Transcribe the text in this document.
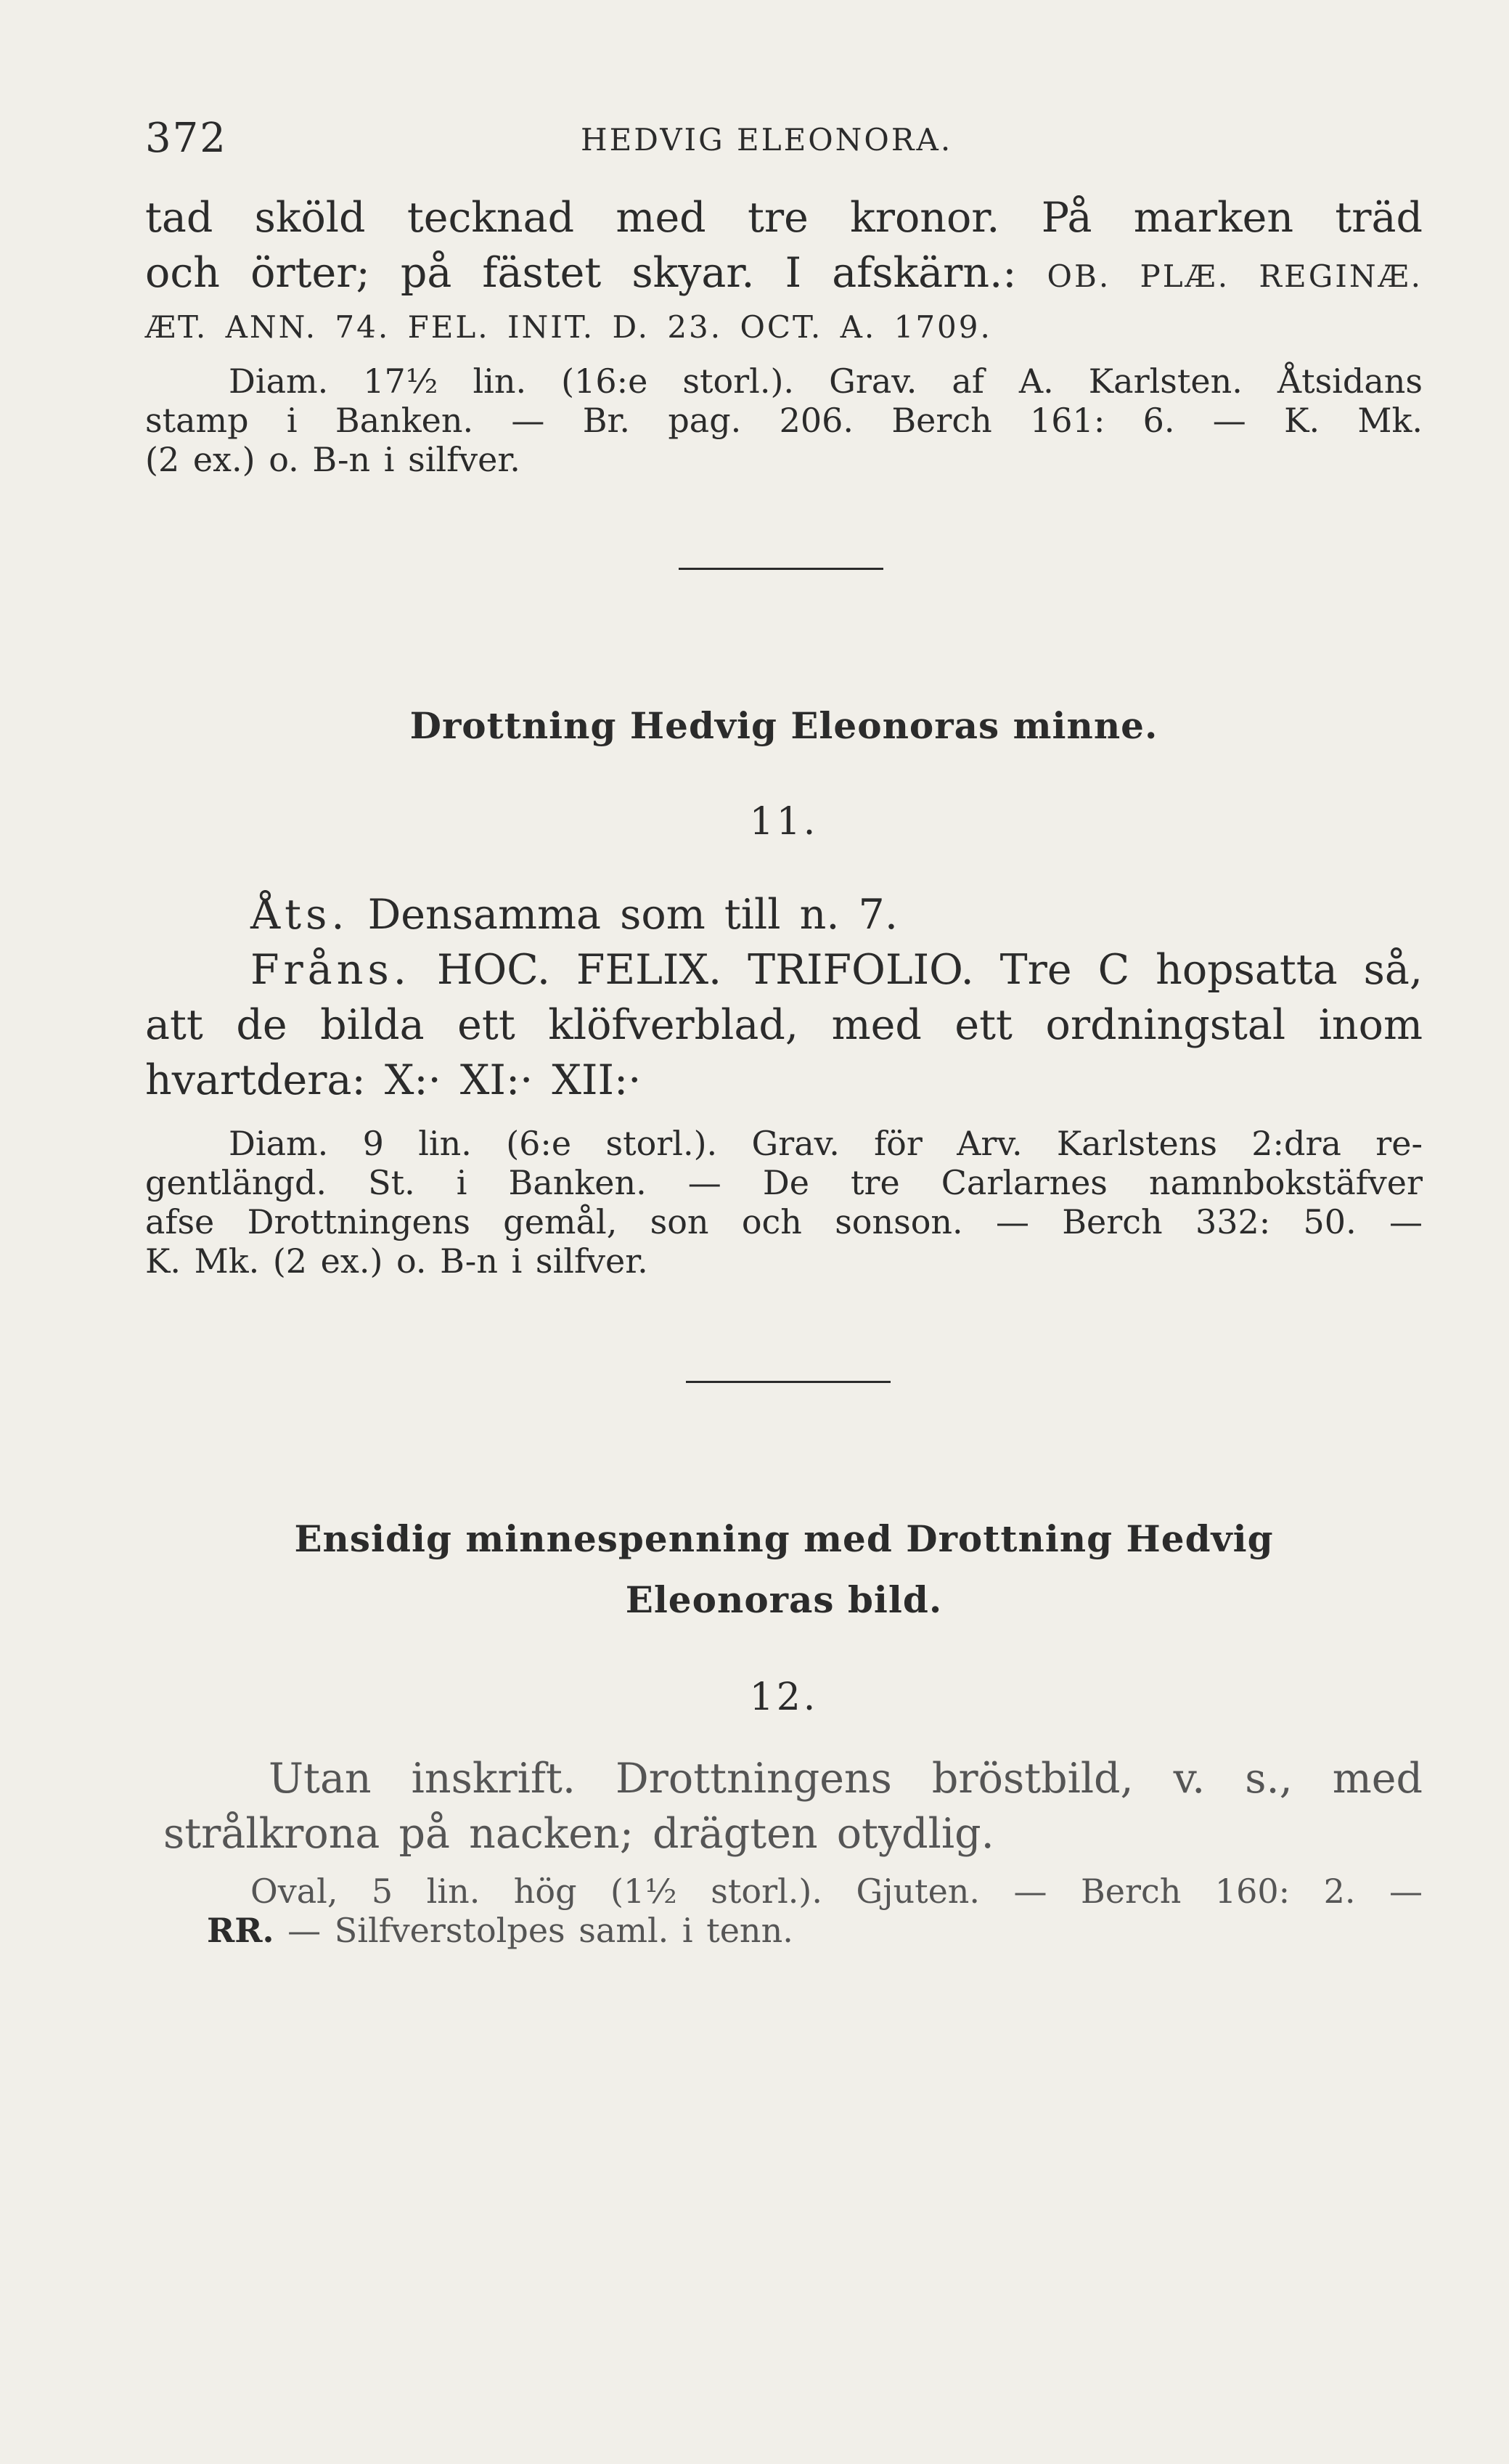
372	HEDVIG ELEONORA.
tad sköld tecknad med tre kronor. På marken träd
och örter; på fästet skyar. I afskärn.: OB. PLÆ. REGINÆ.
ÆT. ANN. 74. FEL. INIT. D. 23. OCT. A. 1709.
Diam. 17½ lin. (16:e storl.). Grav. af A. Karlsten. Åtsidans
stamp i Banken. — Br. pag. 206. Berch 161: 6. — K. Mk.
(2 ex.) o. B-n i silfver.
Drottning Hedvig Eleonoras minne.
11.
Åts. Densamma som till n. 7.
Fråns. HOC. FELIX. TRIFOLIO. Tre C hopsatta så,
att de bilda ett klöfverblad, med ett ordningstal inom
hvartdera: X:· XI:· XII:·
Diam. 9 lin. (6:e storl.). Grav. för Arv. Karlstens 2:dra re-
gentlängd. St. i Banken. — De tre Carlarnes namnbokstäfver
afse Drottningens gemål, son och sonson. — Berch 332: 50. —
K. Mk. (2 ex.) o. B-n i silfver.
Ensidig minnespenning med Drottning Hedvig
Eleonoras bild.
12.
Utan inskrift. Drottningens bröstbild, v. s., med
strålkrona på nacken; drägten otydlig.
Oval, 5 lin. hög (1½ storl.). Gjuten. — Berch 160: 2. —
RR. — Silfverstolpes saml. i tenn.
